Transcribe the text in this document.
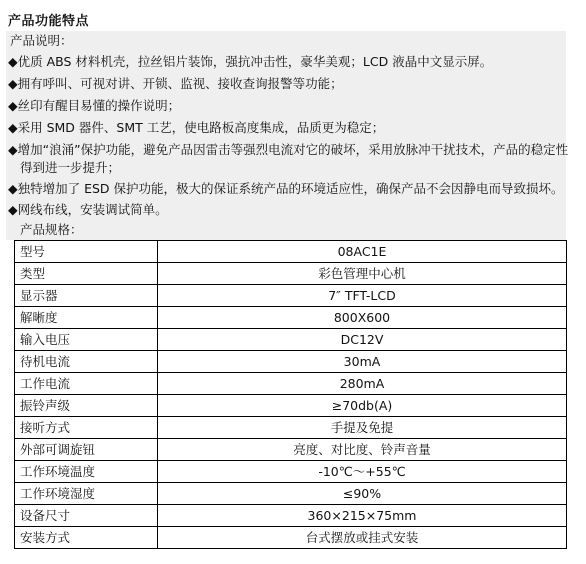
产品功能特点
产品说明：
◆优质 ABS 材料机壳，拉丝铝片装饰，强抗冲击性，豪华美观；LCD 液晶中文显示屏。
◆拥有呼叫、可视对讲、开锁、监视、接收查询报警等功能；
◆丝印有醒目易懂的操作说明；
◆采用 SMD 器件、SMT 工艺，使电路板高度集成，品质更为稳定；
◆增加“浪涌”保护功能，避免产品因雷击等强烈电流对它的破坏，采用放脉冲干扰技术，产品的稳定性
得到进一步提升；
◆独特增加了 ESD 保护功能，极大的保证系统产品的环境适应性，确保产品不会因静电而导致损坏。
◆网线布线，安装调试简单。
产品规格：
型号	08AC1E
类型	彩色管理中心机
显示器	7″ TFT-LCD
解晰度	800X600
输入电压	DC12V
待机电流	30mA
工作电流	280mA
振铃声级	≥70db(A)
接听方式	手提及免提
外部可调旋钮	亮度、对比度、铃声音量
工作环境温度	-10℃～+55℃
工作环境湿度	≤90%
设备尺寸	360×215×75mm
安装方式	台式摆放或挂式安装
